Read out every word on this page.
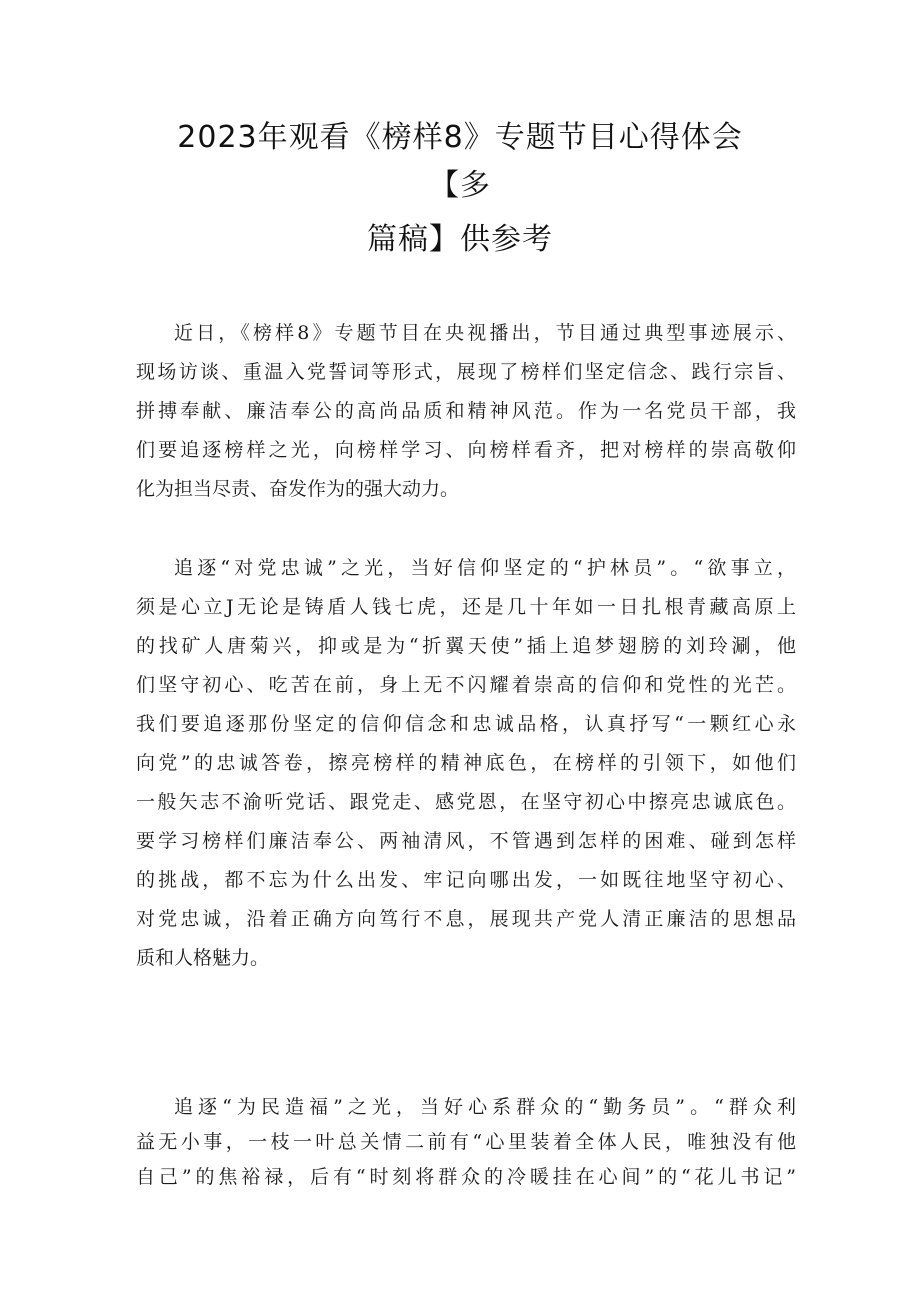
2023年观看《榜样8》专题节目心得体会
【多
篇稿】供参考
近日，《榜样8》专题节目在央视播出，节目通过典型事迹展示、
现场访谈、重温入党誓词等形式，展现了榜样们坚定信念、践行宗旨、
拼搏奉献、廉洁奉公的高尚品质和精神风范。作为一名党员干部，我
们要追逐榜样之光，向榜样学习、向榜样看齐，把对榜样的崇高敬仰
化为担当尽责、奋发作为的强大动力。
追逐“对党忠诚”之光，当好信仰坚定的“护林员”。“欲事立，
须是心立J无论是铸盾人钱七虎，还是几十年如一日扎根青藏高原上
的找矿人唐菊兴，抑或是为“折翼天使”插上追梦翅膀的刘玲涮，他
们坚守初心、吃苦在前，身上无不闪耀着崇高的信仰和党性的光芒。
我们要追逐那份坚定的信仰信念和忠诚品格，认真抒写“一颗红心永
向党”的忠诚答卷，擦亮榜样的精神底色，在榜样的引领下，如他们
一般矢志不渝听党话、跟党走、感党恩，在坚守初心中擦亮忠诚底色。
要学习榜样们廉洁奉公、两袖清风，不管遇到怎样的困难、碰到怎样
的挑战，都不忘为什么出发、牢记向哪出发，一如既往地坚守初心、
对党忠诚，沿着正确方向笃行不息，展现共产党人清正廉洁的思想品
质和人格魅力。
追逐“为民造福”之光，当好心系群众的“勤务员”。“群众利
益无小事，一枝一叶总关情二前有“心里装着全体人民，唯独没有他
自己”的焦裕禄，后有“时刻将群众的冷暖挂在心间”的“花儿书记”
